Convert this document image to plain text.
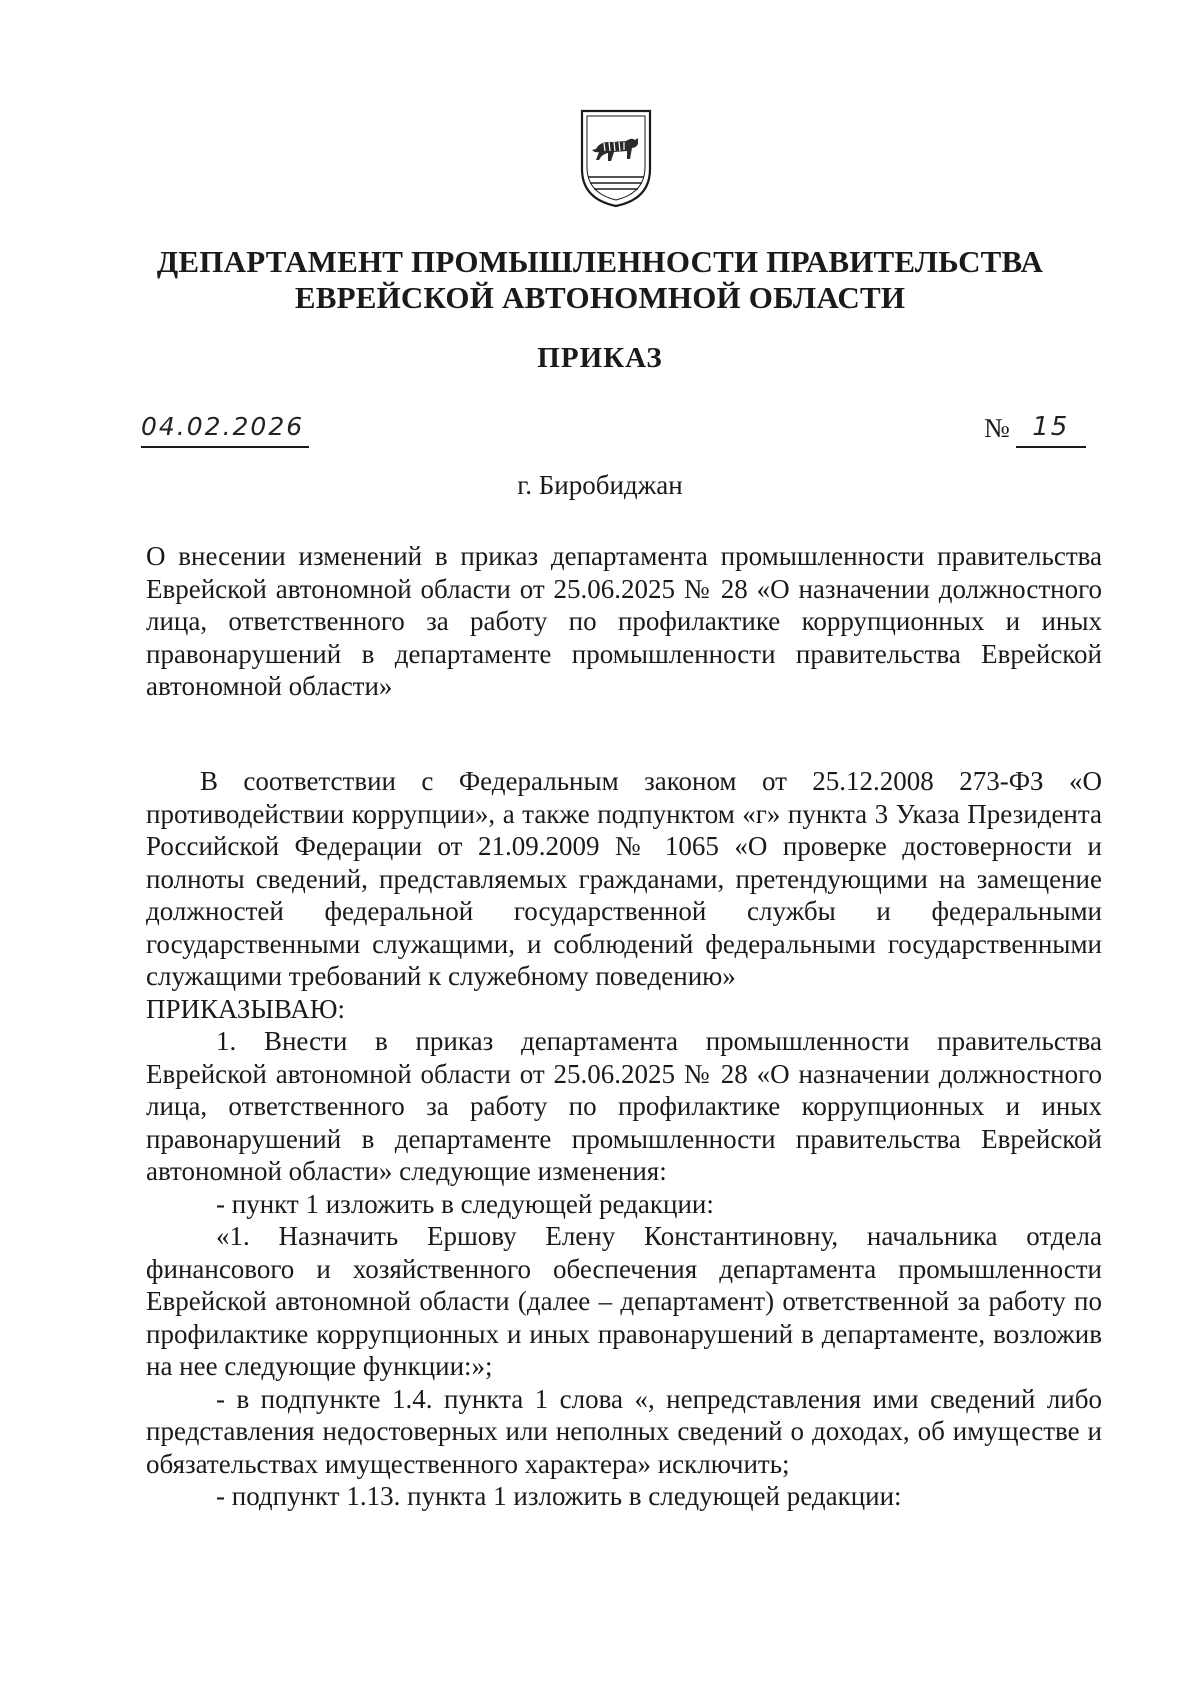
ДЕПАРТАМЕНТ ПРОМЫШЛЕННОСТИ ПРАВИТЕЛЬСТВА
ЕВРЕЙСКОЙ АВТОНОМНОЙ ОБЛАСТИ
ПРИКАЗ
04.02.2026	№ 15
г. Биробиджан
О внесении изменений в приказ департамента промышленности правительства Еврейской автономной области от 25.06.2025 № 28 «О назначении должностного лица, ответственного за работу по профилактике коррупционных и иных правонарушений в департаменте промышленности правительства Еврейской автономной области»

В соответствии с Федеральным законом от 25.12.2008 273-ФЗ «О противодействии коррупции», а также подпунктом «г» пункта 3 Указа Президента Российской Федерации от 21.09.2009 № 1065 «О проверке достоверности и полноты сведений, представляемых гражданами, претендующими на замещение должностей федеральной государственной службы и федеральными государственными служащими, и соблюдений федеральными государственными служащими требований к служебному поведению»

ПРИКАЗЫВАЮ:

1. Внести в приказ департамента промышленности правительства Еврейской автономной области от 25.06.2025 № 28 «О назначении должностного лица, ответственного за работу по профилактике коррупционных и иных правонарушений в департаменте промышленности правительства Еврейской автономной области» следующие изменения:

- пункт 1 изложить в следующей редакции:

«1. Назначить Ершову Елену Константиновну, начальника отдела финансового и хозяйственного обеспечения департамента промышленности Еврейской автономной области (далее – департамент) ответственной за работу по профилактике коррупционных и иных правонарушений в департаменте, возложив на нее следующие функции:»;

- в подпункте 1.4. пункта 1 слова «, непредставления ими сведений либо представления недостоверных или неполных сведений о доходах, об имуществе и обязательствах имущественного характера» исключить;

- подпункт 1.13. пункта 1 изложить в следующей редакции:
